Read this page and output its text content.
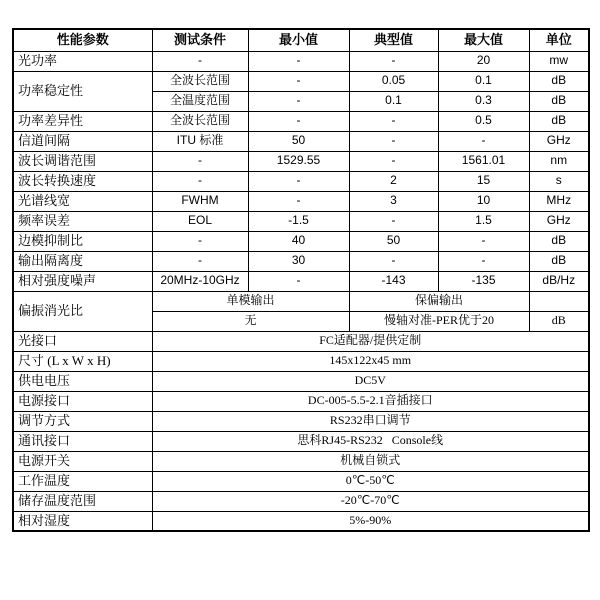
性能参数	测试条件	最小值	典型值	最大值	单位
光功率	-	-	-	20	mw
功率稳定性	全波长范围	-	0.05	0.1	dB
	全温度范围	-	0.1	0.3	dB
功率差异性	全波长范围	-	-	0.5	dB
信道间隔	ITU 标准	50	-	-	GHz
波长调谐范围	-	1529.55	-	1561.01	nm
波长转换速度	-	-	2	15	s
光谱线宽	FWHM	-	3	10	MHz
频率误差	EOL	-1.5	-	1.5	GHz
边模抑制比	-	40	50	-	dB
输出隔离度	-	30	-	-	dB
相对强度噪声	20MHz-10GHz	-	-143	-135	dB/Hz
偏振消光比	单模输出		保偏输出		
	无		慢轴对准-PER优于20		dB
光接口	FC适配器/提供定制				
尺寸 (L x W x H)	145x122x45 mm				
供电电压	DC5V				
电源接口	DC-005-5.5-2.1音插接口				
调节方式	RS232串口调节				
通讯接口	思科RJ45-RS232   Console线				
电源开关	机械自锁式				
工作温度	0℃-50℃				
储存温度范围	-20℃-70℃				
相对湿度	5%-90%				
